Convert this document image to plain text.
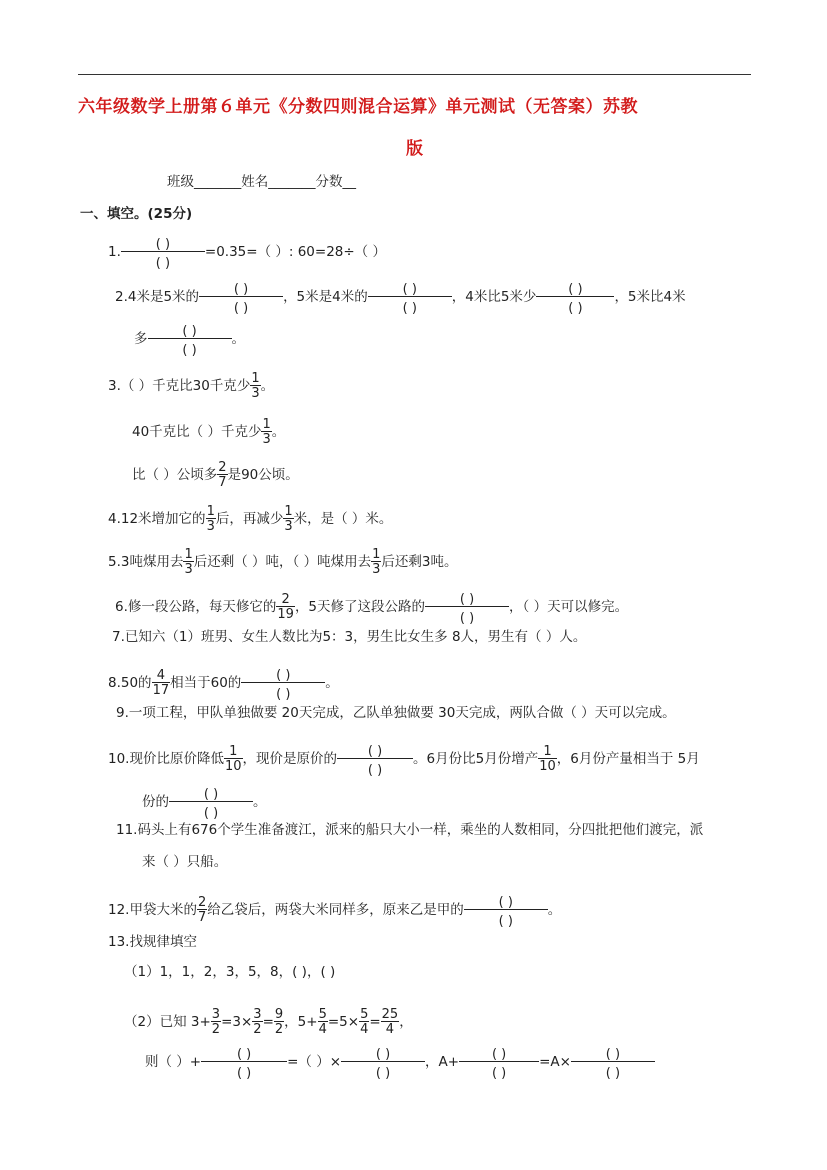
六年级数学上册第６单元《分数四则混合运算》单元测试（无答案）苏教
版
班级_______姓名_______分数__
一、填空。(25分)
1.	( )
( )
=0.35=（ ）: 60=28÷（ ）
2.4米是5米的	( )
( )
，5米是4米的	( )
( )
，4米比5米少	( )
( )
，5米比4米
多	( )
( )
。
3.（ ）千克比30千克少 $\frac{1}{3}$ 。
40千克比（ ）千克少 $\frac{1}{3}$ 。
比（ ）公顷多 $\frac{2}{7}$ 是90公顷。
4.12米增加它的 $\frac{1}{3}$ 后，再减少 $\frac{1}{3}$ 米，是（ ）米。
5.3吨煤用去 $\frac{1}{3}$ 后还剩（ ）吨，（ ）吨煤用去 $\frac{1}{3}$ 后还剩3吨。
6.修一段公路，每天修它的 $\frac{2}{19}$ ，5天修了这段公路的	( )
( )
，（ ）天可以修完。
7.已知六（1）班男、女生人数比为5：3，男生比女生多 8人，男生有（ ）人。
8.50的 $\frac{4}{17}$ 相当于60的	( )
( )
。
9.一项工程，甲队单独做要 20天完成，乙队单独做要 30天完成，两队合做（ ）天可以完成。
10.现价比原价降低 $\frac{1}{10}$ ，现价是原价的	( )
( )
。6月份比5月份增产 $\frac{1}{10}$ ，6月份产量相当于 5月
份的	( )
( )
。
11.码头上有676个学生准备渡江，派来的船只大小一样，乘坐的人数相同，分四批把他们渡完，派
来（ ）只船。
12.甲袋大米的 $\frac{2}{7}$ 给乙袋后，两袋大米同样多，原来乙是甲的	( )
( )
。
13.找规律填空
（1）1，1，2，3，5，8，( )，( )
（2）已知 $3+ \frac{3}{2} =3\times \frac{3}{2} = \frac{9}{2}$ ，$5+ \frac{5}{4} =5\times \frac{5}{4} = \frac{25}{4}$ ，
则（ ）+	( )
( )
=（ ）×	( )
( )
，A+	( )
( )
=A×	( )
( )
